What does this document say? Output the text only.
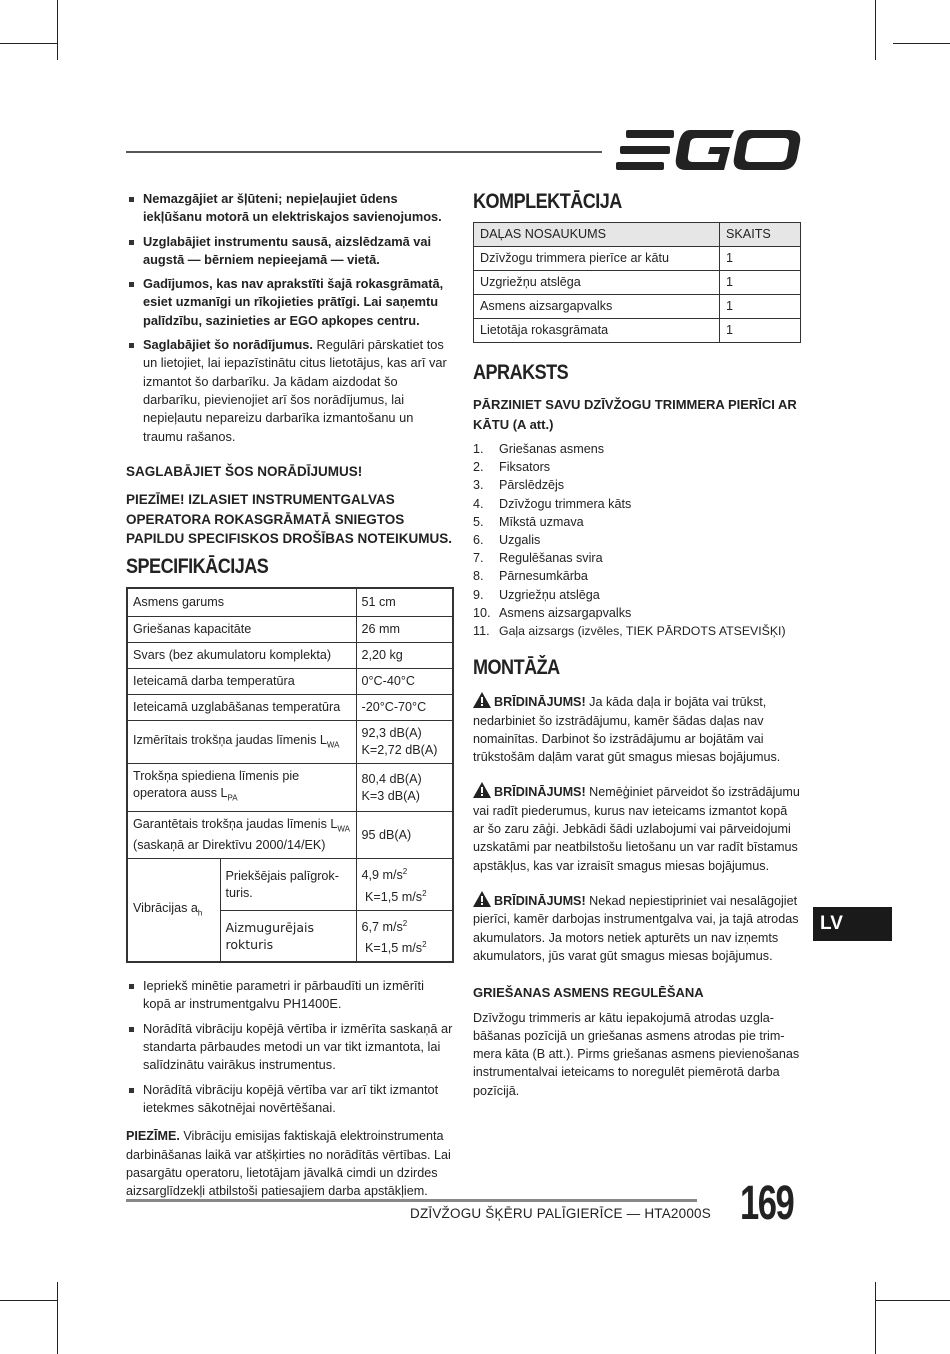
Nemazgājiet ar šļūteni; nepieļaujiet ūdens iekļūšanu motorā un elektriskajos savienojumos.
Uzglabājiet instrumentu sausā, aizslēdzamā vai augstā — bērniem nepieejamā — vietā.
Gadījumos, kas nav aprakstīti šajā rokasgrāmatā, esiet uzmanīgi un rīkojieties prātīgi. Lai saņemtu palīdzību, sazinieties ar EGO apkopes centru.
Saglabājiet šo norādījumus. Regulāri pārskatiet tos un lietojiet, lai iepazīstinātu citus lietotājus, kas arī var izmantot šo darbarīku. Ja kādam aizdodat šo darbarīku, pievienojiet arī šos norādījumus, lai nepieļautu nepareizu darbarīka izmantošanu un traumu rašanos.

SAGLABĀJIET ŠOS NORĀDĪJUMUS!

PIEZĪME! IZLASIET INSTRUMENTGALVAS OPERATORA ROKASGRĀMATĀ SNIEGTOS PAPILDU SPECIFISKOS DROŠĪBAS NOTEIKUMUS.

SPECIFIKĀCIJAS
Asmens garums		51 cm
Griešanas kapacitāte		26 mm
Svars (bez akumulatoru komplekta)		2,20 kg
Ieteicamā darba temperatūra		0°C-40°C
Ieteicamā uzglabāšanas temperatūra		-20°C-70°C
Izmērītais trokšņa jaudas līmenis $L_{WA}$		92,3 dB(A)
K=2,72 dB(A)
Trokšņa spiediena līmenis pie
operatora auss $L_{PA}$		80,4 dB(A)
K=3 dB(A)
Garantētais trokšņa jaudas līmenis $L_{WA}$
(saskaņā ar Direktīvu 2000/14/EK)		95 dB(A)
Vibrācijas $a_h$	Priekšējais palīgrok-turis.	4,9 $m/s^2$
K=1,5 $m/s^2$
	Aizmugurējais rokturis	6,7 $m/s^2$
K=1,5 $m/s^2$
Iepriekš minētie parametri ir pārbaudīti un izmērīti kopā ar instrumentgalvu PH1400E.
Norādītā vibrāciju kopējā vērtība ir izmērīta saskaņā ar standarta pārbaudes metodi un var tikt izmantota, lai salīdzinātu vairākus instrumentus.
Norādītā vibrāciju kopējā vērtība var arī tikt izmantot ietekmes sākotnējai novērtēšanai.

PIEZĪME. Vibrāciju emisijas faktiskajā elektroinstrumenta darbināšanas laikā var atšķirties no norādītās vērtības. Lai pasargātu operatoru, lietotājam jāvalkā cimdi un dzirdes aizsarglīdzekļi atbilstoši patiesajiem darba apstākļiem.

KOMPLEKTĀCIJA
DAĻAS NOSAUKUMS	SKAITS
Dzīvžogu trimmera pierīce ar kātu	1
Uzgriežņu atslēga	1
Asmens aizsargapvalks	1
Lietotāja rokasgrāmata	1
APRAKSTS

PĀRZINIET SAVU DZĪVŽOGU TRIMMERA PIERĪCI AR KĀTU (A att.)

1.	Griešanas asmens
2.	Fiksators
3.	Pārslēdzējs
4.	Dzīvžogu trimmera kāts
5.	Mīkstā uzmava
6.	Uzgalis
7.	Regulēšanas svira
8.	Pārnesumkārba
9.	Uzgriežņu atslēga
10. Asmens aizsargapvalks
11. Gaļa aizsargs (izvēles, TIEK PĀRDOTS ATSEVIŠĶI)
MONTĀŽA

BRĪDINĀJUMS! Ja kāda daļa ir bojāta vai trūkst, nedarbiniet šo izstrādājumu, kamēr šādas daļas nav nomainītas. Darbinot šo izstrādājumu ar bojātām vai trūkstošām daļām varat gūt smagus miesas bojājumus.

BRĪDINĀJUMS! Nemēģiniet pārveidot šo izstrādājumu vai radīt piederumus, kurus nav ieteicams izmantot kopā ar šo zaru zāģi. Jebkādi šādi uzlabojumi vai pārveidojumi uzskatāmi par neatbilstošu lietošanu un var radīt bīstamus apstākļus, kas var izraisīt smagus miesas bojājumus.

BRĪDINĀJUMS! Nekad nepiestipriniet vai nesalāgojiet pierīci, kamēr darbojas instrumentgalva vai, ja tajā atrodas akumulators. Ja motors netiek apturēts un nav izņemts akumulators, jūs varat gūt smagus miesas bojājumus.

GRIEŠANAS ASMENS REGULĒŠANA

Dzīvžogu trimmeris ar kātu iepakojumā atrodas uzgla-bāšanas pozīcijā un griešanas asmens atrodas pie trim-mera kāta (B att.). Pirms griešanas asmens pievienošanas instrumentalvai ieteicams to noregulēt piemērotā darba pozīcijā.

LV
DZĪVŽOGU ŠĶĒRU PALĪGIERĪCE — HTA2000S 169
